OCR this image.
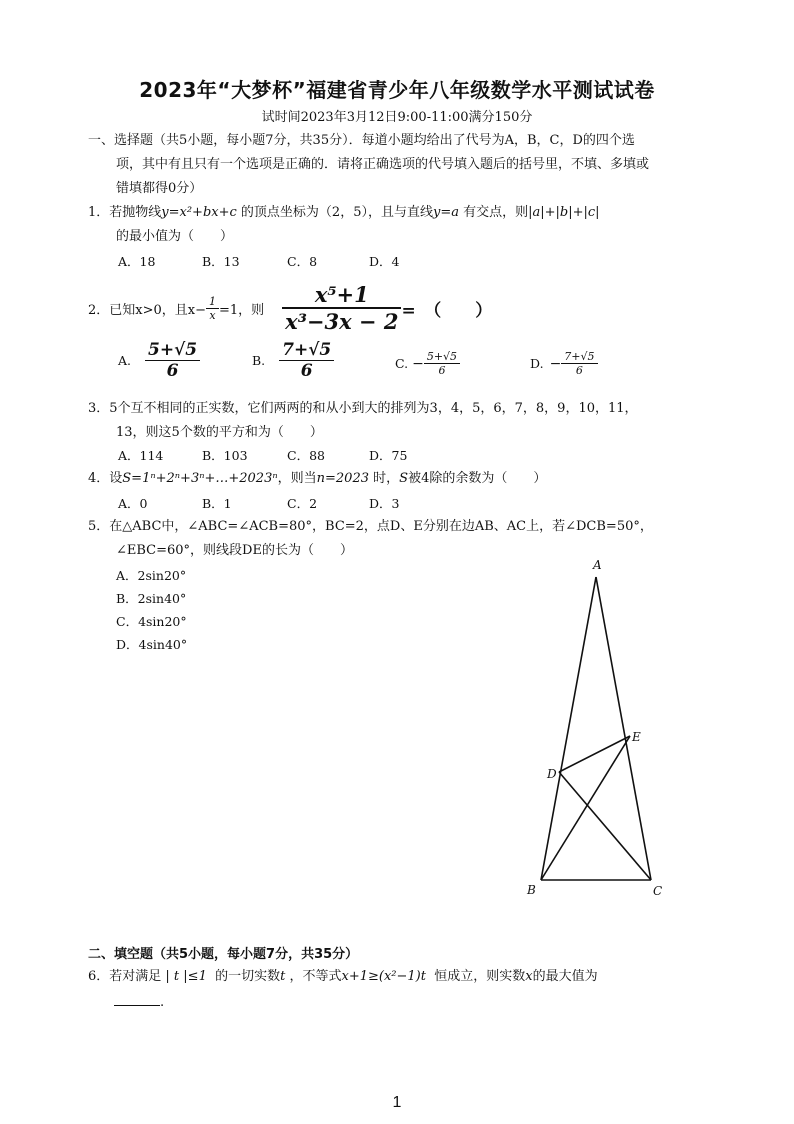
2023年“大梦杯”福建省青少年八年级数学水平测试试卷
试时间2023年3月12日9:00-11:00满分150分
一、选择题（共5小题，每小题7分，共35分）．每道小题均给出了代号为A，B，C，D的四个选
项，其中有且只有一个选项是正确的．请将正确选项的代号填入题后的括号里，不填、多填或
错填都得0分）
1．若抛物线y=x²+bx+c 的顶点坐标为（2，5），且与直线y=a 有交点，则|a|+|b|+|c|
的最小值为（　　）
A．18	B．13	C．8	D．4
2．已知x>0，且$x- \frac{1}{x} =1$，则 $\frac{\text{x⁵+1}}{\text{x³−3x − 2}}$ =　（　　）
A. $\frac{5+√5}{6}$	B. $\frac{7+√5}{6}$	C. − $\frac{5+√5}{6}$	D. − $\frac{7+√5}{6}$
3．5个互不相同的正实数，它们两两的和从小到大的排列为3，4，5，6，7，8，9，10，11，
13，则这5个数的平方和为（　　）
A．114	B．103	C．88	D．75
4．设S=1ⁿ+2ⁿ+3ⁿ+…+2023ⁿ，则当n=2023 时，S被4除的余数为（　　）
A．0	B．1	C．2	D．3
5．在△ABC中，∠ABC=∠ACB=80°，BC=2，点D、E分别在边AB、AC上，若∠DCB=50°，
∠EBC=60°，则线段DE的长为（　　）
A．2sin20°
B．2sin40°
C．4sin20°
D．4sin40°
A
B	C
D
E
二、填空题（共5小题，每小题7分，共35分）
6．若对满足 | t |≤1 的一切实数t ，不等式x+1≥(x²−1)t 恒成立，则实数x的最大值为
.
1
